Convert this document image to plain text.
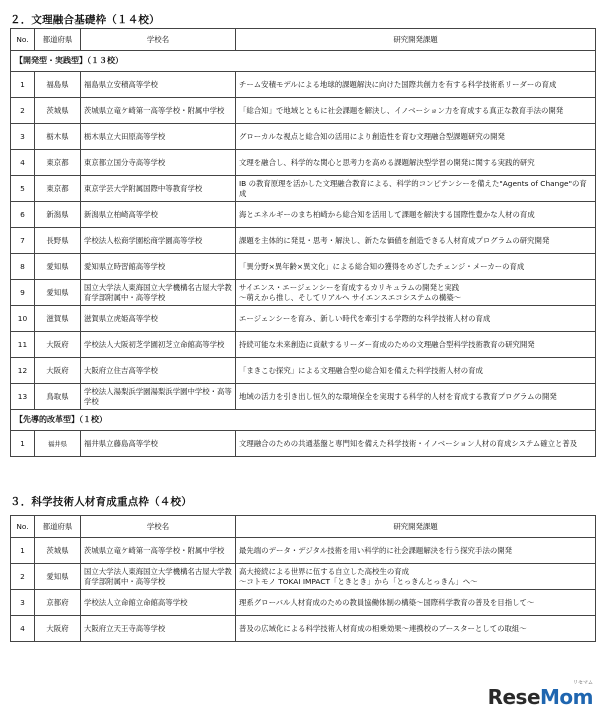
２．文理融合基礎枠（１４校）
No.	都道府県	学校名	研究開発課題
【開発型・実践型】（１３校）			
1	福島県	福島県立安積高等学校	チーム安積モデルによる地球的課題解決に向けた国際共創力を有する科学技術系リーダーの育成
2	茨城県	茨城県立竜ケ崎第一高等学校・附属中学校	「総合知」で地域とともに社会課題を解決し、イノベーション力を育成する真正な教育手法の開発
3	栃木県	栃木県立大田原高等学校	グローカルな視点と総合知の活用により創造性を育む文理融合型課題研究の開発
4	東京都	東京都立国分寺高等学校	文理を融合し、科学的な関心と思考力を高める課題解決型学習の開発に関する実践的研究
5	東京都	東京学芸大学附属国際中等教育学校	IB の教育原理を活かした文理融合教育による、科学的コンピテンシーを備えた"Agents of Change"の育成
6	新潟県	新潟県立柏崎高等学校	海とエネルギーのまち柏崎から総合知を活用して課題を解決する国際性豊かな人材の育成
7	長野県	学校法人松商学園松商学園高等学校	課題を主体的に発見・思考・解決し、新たな価値を創造できる人材育成プログラムの研究開発
8	愛知県	愛知県立時習館高等学校	「異分野×異年齢×異文化」による総合知の獲得をめざしたチェンジ・メーカーの育成
9	愛知県	国立大学法人東海国立大学機構名古屋大学教育学部附属中・高等学校	サイエンス・エージェンシーを育成するカリキュラムの開発と実践
～萌えから推し、そしてリアルへ サイエンスエコシステムの構築～
10	滋賀県	滋賀県立虎姫高等学校	エージェンシーを育み、新しい時代を牽引する学際的な科学技術人材の育成
11	大阪府	学校法人大阪初芝学園初芝立命館高等学校	持続可能な未来創造に貢献するリーダー育成のための文理融合型科学技術教育の研究開発
12	大阪府	大阪府立住吉高等学校	「まきこむ探究」による文理融合型の総合知を備えた科学技術人材の育成
13	鳥取県	学校法人湯梨浜学園湯梨浜学園中学校・高等学校	地域の活力を引き出し恒久的な環境保全を実現する科学的人材を育成する教育プログラムの開発
【先導的改革型】（１校）			
1	福井県	福井県立藤島高等学校	文理融合のための共通基盤と専門知を備えた科学技術・イノベーション人材の育成システム確立と普及
３．科学技術人材育成重点枠（４校）
No.	都道府県	学校名	研究開発課題
1	茨城県	茨城県立竜ケ崎第一高等学校・附属中学校	最先端のデータ・デジタル技術を用い科学的に社会課題解決を行う探究手法の開発
2	愛知県	国立大学法人東海国立大学機構名古屋大学教育学部附属中・高等学校	高大接続による世界に伍する自立した高校生の育成
～コトモノ TOKAI IMPACT「ときとき」から「とっきんとっきん」へ～
3	京都府	学校法人立命館立命館高等学校	理系グローバル人材育成のための教員協働体制の構築～国際科学教育の普及を目指して～
4	大阪府	大阪府立天王寺高等学校	普及の広域化による科学技術人材育成の相乗効果～連携校のブースターとしての取組～
リセマム
ReseMom
